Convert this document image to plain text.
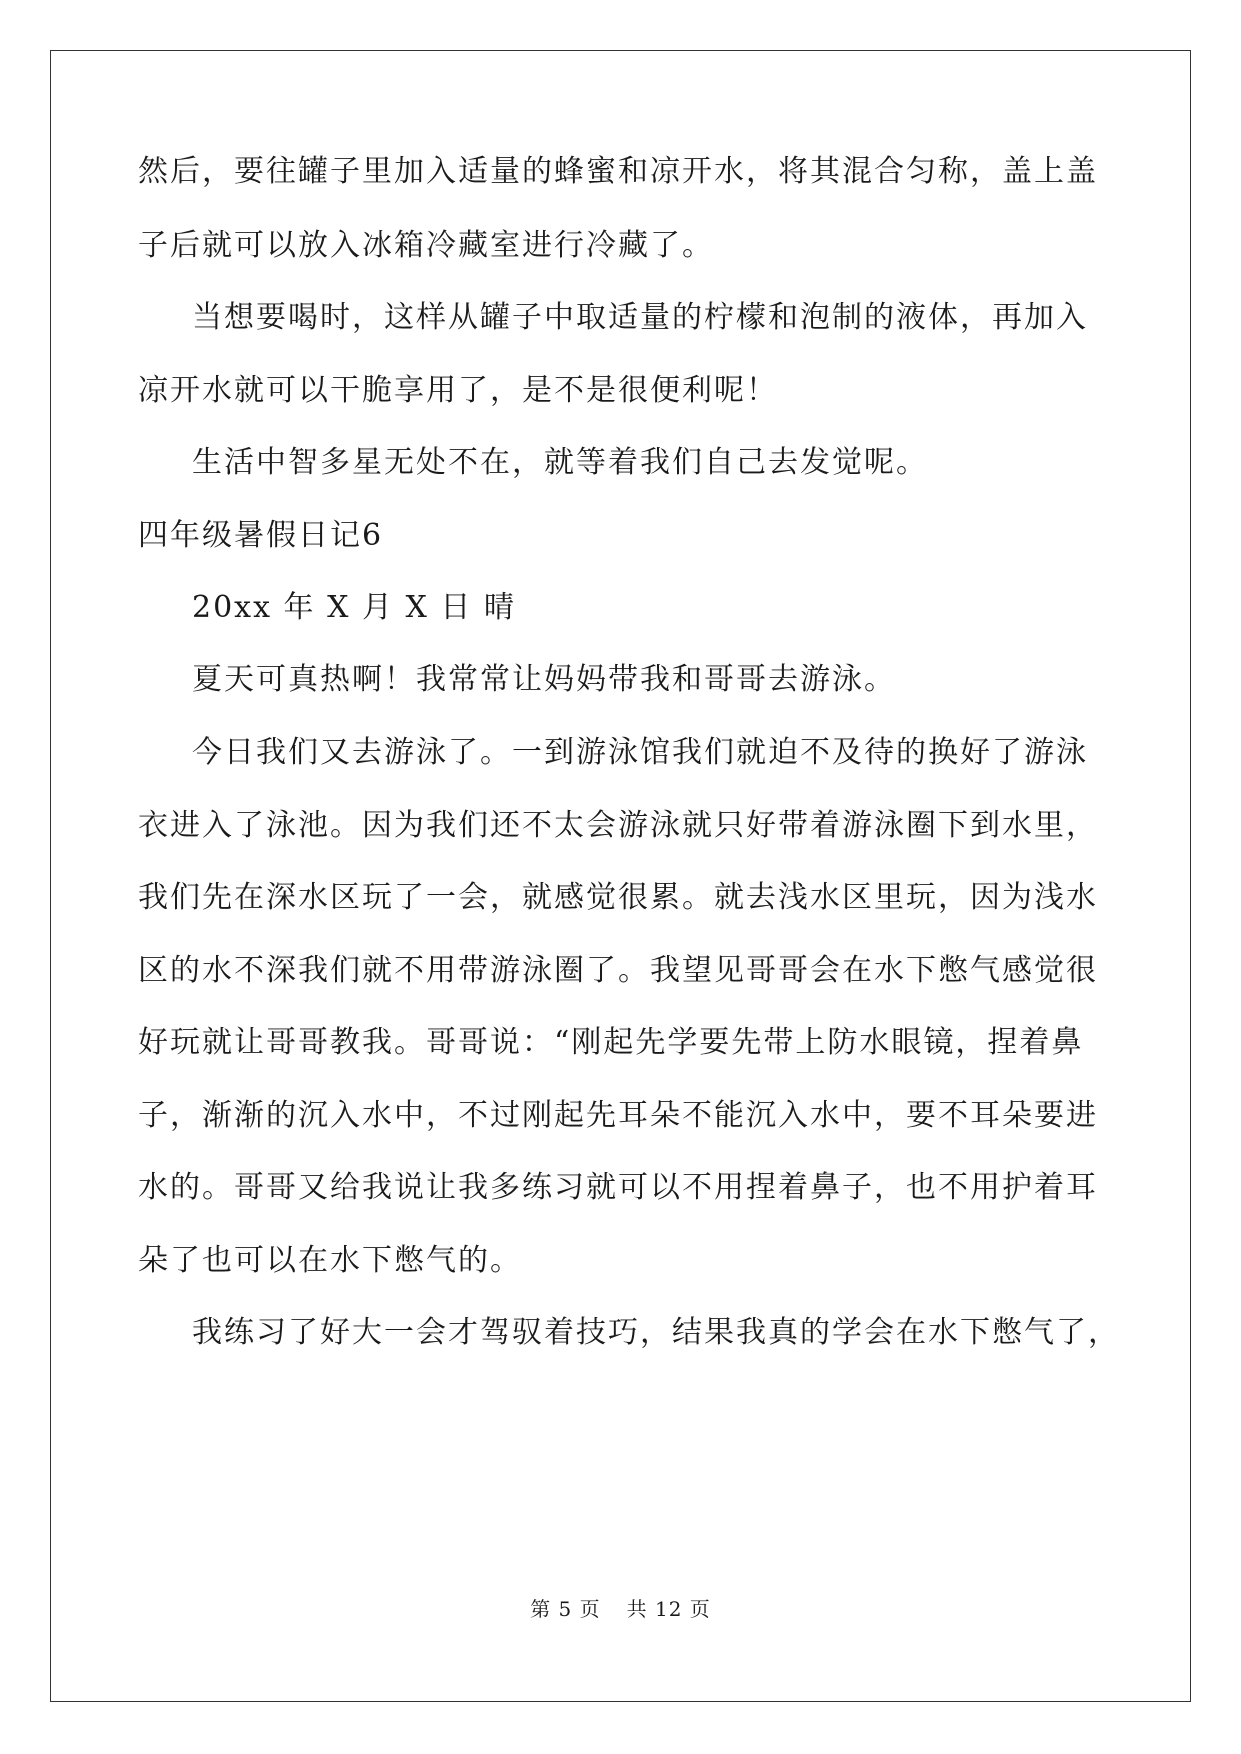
然后，要往罐子里加入适量的蜂蜜和凉开水，将其混合匀称，盖上盖
子后就可以放入冰箱冷藏室进行冷藏了。
当想要喝时，这样从罐子中取适量的柠檬和泡制的液体，再加入
凉开水就可以干脆享用了，是不是很便利呢！
生活中智多星无处不在，就等着我们自己去发觉呢。
四年级暑假日记6
20xx 年 X 月 X 日 晴
夏天可真热啊！我常常让妈妈带我和哥哥去游泳。
今日我们又去游泳了。一到游泳馆我们就迫不及待的换好了游泳
衣进入了泳池。因为我们还不太会游泳就只好带着游泳圈下到水里，
我们先在深水区玩了一会，就感觉很累。就去浅水区里玩，因为浅水
区的水不深我们就不用带游泳圈了。我望见哥哥会在水下憋气感觉很
好玩就让哥哥教我。哥哥说：“刚起先学要先带上防水眼镜，捏着鼻
子，渐渐的沉入水中，不过刚起先耳朵不能沉入水中，要不耳朵要进
水的。哥哥又给我说让我多练习就可以不用捏着鼻子，也不用护着耳
朵了也可以在水下憋气的。
我练习了好大一会才驾驭着技巧，结果我真的学会在水下憋气了，
第 5 页 共 12 页
